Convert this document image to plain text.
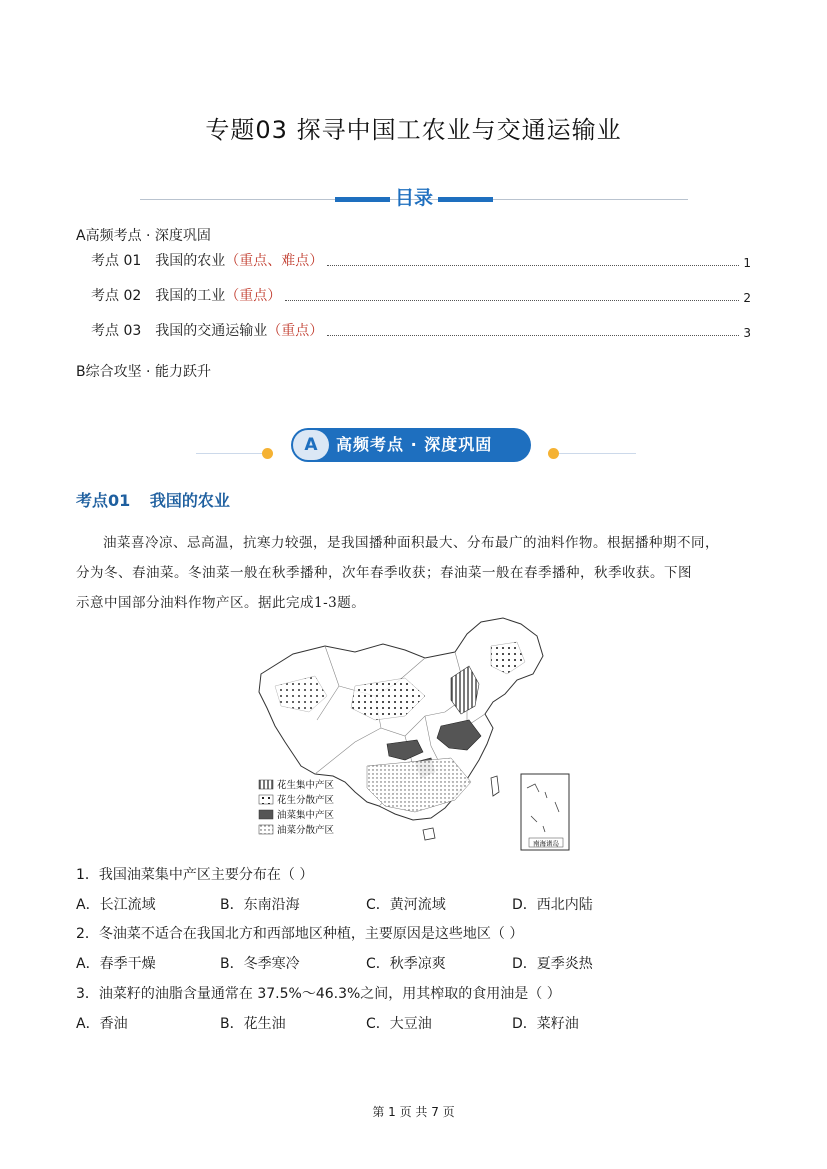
专题03 探寻中国工农业与交通运输业
目录
A高频考点 · 深度巩固
考点 01 我国的农业 （重点、难点）	1
考点 02 我国的工业 （重点）	2
考点 03 我国的交通运输业 （重点）	3
B综合攻坚 · 能力跃升
A	高频考点 · 深度巩固
考点01 我国的农业
油菜喜冷凉、忌高温，抗寒力较强，是我国播种面积最大、分布最广的油料作物。根据播种期不同，
分为冬、春油菜。冬油菜一般在秋季播种，次年春季收获；春油菜一般在春季播种，秋季收获。下图
示意中国部分油料作物产区。据此完成1-3题。
花生集中产区
花生分散产区
油菜集中产区
油菜分散产区
南海诸岛
1．我国油菜集中产区主要分布在（ ）
A．长江流域	B．东南沿海	C．黄河流域	D．西北内陆
2．冬油菜不适合在我国北方和西部地区种植，主要原因是这些地区（ ）
A．春季干燥	B．冬季寒冷	C．秋季凉爽	D．夏季炎热
3．油菜籽的油脂含量通常在 37.5%～46.3%之间，用其榨取的食用油是（ ）
A．香油	B．花生油	C．大豆油	D．菜籽油
第 1 页 共 7 页
